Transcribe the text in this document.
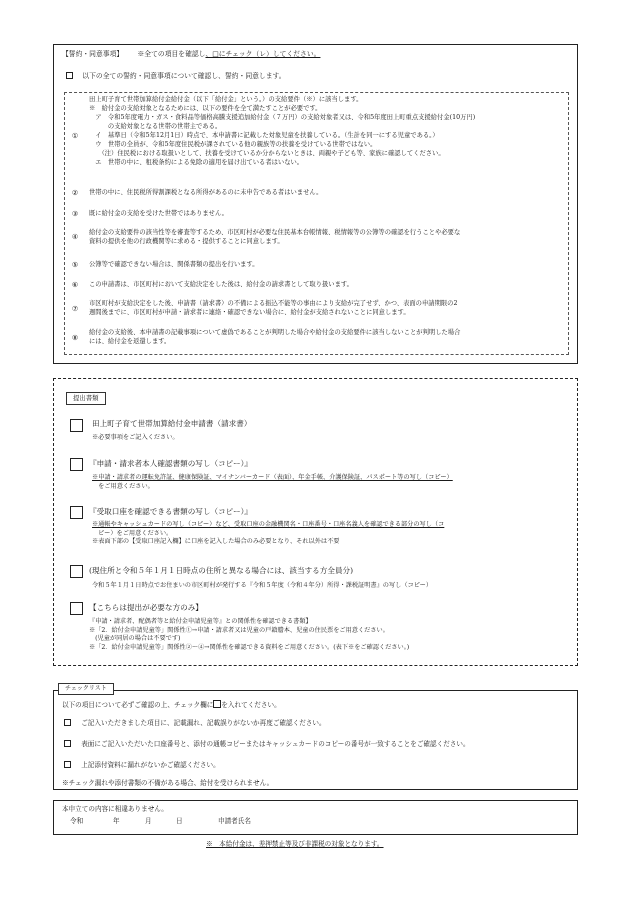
【誓約・同意事項】 ※全ての項目を確認し、□にチェック（レ）してください。
以下の全ての誓約・同意事項について確認し、誓約・同意します。
①
田上町子育て世帯加算給付金給付金（以下「給付金」という。）の支給要件（※）に該当します。
※　給付金の支給対象となるためには、以下の要件を全て満たすことが必要です。
　ア　令和5年度電力・ガス・食料品等価格高騰支援追加給付金（７万円）の支給対象者又は、令和5年度田上町重点支援給付金(10万円)
　　　の支給対象となる世帯の世帯主である。
　イ　基準日（令和5年12月1日）時点で、本申請書に記載した対象児童を扶養している。（生計を同一にする児童である。）
　ウ　世帯の全員が、令和5年度住民税が課されている他の親族等の扶養を受けている世帯ではない。
　　（注）住民税における取扱いとして、扶養を受けているか分からないときは、両親や子ども等、家族に確認してください。
　エ　世帯の中に、租税条約による免除の適用を届け出ている者はいない。
②	世帯の中に、住民税所得割課税となる所得があるのに未申告である者はいません。
③	既に給付金の支給を受けた世帯ではありません。
④
給付金の支給要件の該当性等を審査等するため、市区町村が必要な住民基本台帳情報、税情報等の公簿等の確認を行うことや必要な
資料の提供を他の行政機関等に求める・提供することに同意します。
⑤	公簿等で確認できない場合は、関係書類の提出を行います。
⑥	この申請書は、市区町村において支給決定をした後は、給付金の請求書として取り扱います。
⑦
市区町村が支給決定をした後、申請書（請求書）の不備による振込不能等の事由により支給が完了せず、かつ、表面の申請期限の2
週間後までに、市区町村が申請・請求者に連絡・確認できない場合に、給付金が支給されないことに同意します。
⑧
給付金の支給後、本申請書の記載事項について虚偽であることが判明した場合や給付金の支給要件に該当しないことが判明した場合
には、給付金を返還します。
提出書類
田上町子育て世帯加算給付金申請書（請求書）
※必要事項をご記入ください。
『申請・請求者本人確認書類の写し（コピー）』
※申請・請求者の運転免許証、健康保険証、マイナンバーカード（表面）、年金手帳、介護保険証、パスポート等の写し（コピー）
　をご用意ください。
『受取口座を確認できる書類の写し（コピー）』
※通帳やキャッシュカードの写し（コピー）など、受取口座の金融機関名・口座番号・口座名義人を確認できる部分の写し（コ
　ピー）をご用意ください。
※表面下部の【受取口座記入欄】に口座を記入した場合のみ必要となり、それ以外は不要
(現住所と令和５年１月１日時点の住所と異なる場合には、該当する方全員分)
令和５年１月１日時点でお住まいの市区町村が発行する『令和５年度（令和４年分）所得・課税証明書』の写し（コピー）
【こちらは提出が必要な方のみ】
『申請・請求者、配偶者等と給付金申請児童等』との関係性を確認できる書類】
※「2．給付金申請児童等」関係性①→申請・請求者又は児童の戸籍謄本、児童の住民票をご用意ください。
　(児童が同居の場合は不要です)
※「2．給付金申請児童等」関係性②～④→関係性を確認できる資料をご用意ください。(表下※をご確認ください。)
チェックリスト
以下の項目について必ずご確認の上、チェック欄に を入れてください。
ご記入いただきました項目に、記載漏れ、記載誤りがないか再度ご確認ください。
表面にご記入いただいた口座番号と、添付の通帳コピーまたはキャッシュカードのコピーの番号が一致することをご確認ください。
上記添付資料に漏れがないかご確認ください。
※チェック漏れや添付書類の不備がある場合、給付を受けられません。
本申立ての内容に相違ありません。
令和	年	月	日	申請者氏名
※　本給付金は、差押禁止等及び非課税の対象となります。
